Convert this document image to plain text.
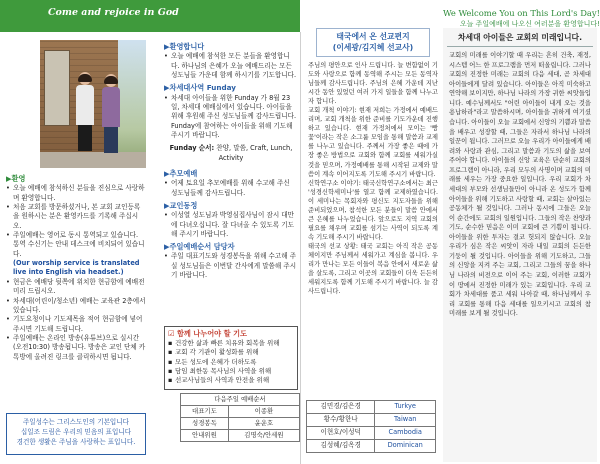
Come and rejoice in God	We Welcome You on This Lord's Day!
오늘 주일예배에 나오신 여러분을 환영합니다!
▶환영
• 오늘 예배에 참석하신 분들을 진심으로 사랑하며 환영합니다.
• 처음 교회를 방문하셨거나, 본 교회 교인등록을 원하시는 분은 환영카드를 기록해 주십시오.
• 주일예배는 영어로 동시 통역되고 있습니다. 통역 수신기는 안내 데스크에 비치되어 있습니다.
(Our worship service is translated live into English via headset.)
• 현금은 예배당 뒷쪽에 위치한 현금함에 예배전 미리 드립시오.
• 차세대(어린이/청소년) 예배는 교육관 2층에서 있습니다.
• 기도요청이나 기도제목을 적어 현금함에 넣어 주시면 기도해 드립니다.
• 주일예배는 온라인 방송(유튜브)으로 실시간 (오전10:30) 방송됩니다. 방송은 교인 단체 카톡방에 올려진 링크를 클릭하시면 됩니다.
주일성수는 그리스도인의 기본입니다
십일조 드림은 우리의 믿음의 표입니다
경건한 생활은 주님을 사랑하는 표입니다.
▶환영합니다
• 오늘 예배에 참석한 모든 분들을 환영합니다. 하나님의 은혜가 오늘 예배드리는 모든 성도님들 가운데 함께 하시기를 기도합니다.
▶차세대사역 Funday
• 차세대 아이들을 위한 Funday 가 8월 23일, 차세대 예배실에서 있습니다. 아이들을 위해 후원해 주신 성도님들께 감사드립니다. Funday에 참여하는 아이들을 위해 기도해 주시기 바랍니다.
Funday 순서: 찬양, 말씀, Craft, Lunch, Activity
▶추모예배
• 어제 토요일 추모예배를 위해 수고해 주신 성도님들께 감사드립니다.
▶교인동정
• 이성열 성도님과 박영심집사님이 잠시 대만에 다녀오십니다. 잘 다녀올 수 있도록 기도해 주시기 바랍니다.
▶주일예배순서 담당자
• 주일 대표기도와 성경봉독을 위해 수고해 주실 성도님들은 이번달 간사에게 말씀해 주시기 바랍니다.
☑ 함께 나누어야 할 기도
▪ 건강한 삶과 빠른 치유와 회복을 위해
▪ 교회 각 기관이 활성화를 위해
▪ 모든 성도에 은혜가 더하도록
▪ 담임 최한동 목사님의 사역을 위해
▪ 선교사님들의 사역과 안전을 위해
다음주일 예배순서	
대표기도	이종환
성경봉독	윤운호
안내위원	김명숙/안세원
태국에서 온 선교편지
(이세광/김지혜 선교사)

주님의 평안으로 인사 드립니다. 늘 변함없이 기도와 사랑으로 함께 동역해 주시는 모든 동역자님들께 감사드립니다. 주님의 은혜 가운데 지난 시간 동안 있었던 여러 가지 일들을 함께 나누고자 합니다.

교회 개척 이야기: 현재 저희는 가정에서 예배드리며, 교회 개척을 위한 준비를 기도가운데 진행하고 있습니다. 현재 가정처에서 모이는 '빵꽃'이라는 작은 소그룹 모임을 통해 말씀과 교제를 나누고 있습니다. 주께서 가장 좋은 때에 가장 좋은 방법으로 교회와 함께 교회를 세워가실 것을 믿으며, 가정예배를 통해 시작된 교제와 말씀이 계속 이어지도록 기도해 주시기 바랍니다.

신학연구소 이야기: 태국신학연구소에서는 최근 '성경신학세미나'를 열고 함께 교제하였습니다. 이 세미나는 목회자와 평신도 지도자들을 위해 준비되었으며, 참석한 모든 분들이 말씀 안에서 큰 은혜를 나누었습니다. 앞으로도 지역 교회의 필요를 채우며 교회를 섬기는 사역이 되도록 계속 기도해 주시기 바랍니다.

태국의 선교 상황: 태국 교회는 아직 작은 공동체이지만 주님께서 세워가고 계심을 봅니다. 우리가 만나는 모든 이들이 복음 안에서 새로운 삶을 살도록, 그리고 이곳의 교회들이 더욱 든든히 세워지도록 함께 기도해 주시기 바랍니다. 늘 감사드립니다.

김민경/김은경	Turkye
황수/황한나	Taiwan
이현호/이성덕	Cambodia
김성혜/김옥경	Dominican
차세대 아이들은 교회의 미래입니다.

교회의 미래를 이야기할 때 우리는 흔히 건축, 재정, 시스템 어느 한 프로그램을 먼저 떠올립니다. 그러나 교회의 진정한 미래는 교회의 다음 세대, 곧 차세대 아이들에게 달려 있습니다. 아이들은 아직 미숙하고 연약해 보이지만, 하나님 나라의 가장 귀한 씨앗들입니다. 예수님께서도 "어린 아이들이 내게 오는 것을 용납하라"라고 말씀하시며, 아이들을 귀하게 여기셨습니다. 아이들이 오늘 교회에서 신앙의 기쁨과 말씀을 배우고 성장할 때, 그들은 자라서 하나님 나라의 일꾼이 됩니다. 그러므로 오늘 우리가 아이들에게 배려와 사랑과 관심, 그리고 말씀과 기도의 삶을 보여주어야 합니다. 아이들의 신앙 교육은 단순히 교회의 프로그램이 아니라, 우리 모두의 사명이며 교회의 미래를 세우는 가장 중요한 일입니다. 우리 교회가 차세대의 부모와 선생님들만이 아니라 온 성도가 함께 아이들을 위해 기도하고 사랑할 때, 교회는 살아있는 공동체가 될 것입니다. 그러나 동시에 그들은 오늘 이 순간에도 교회의 일원입니다. 그들의 작은 찬양과 기도, 순수한 믿음은 이미 교회에 큰 기쁨이 됩니다. 아이들을 위한 투자는 결코 헛되지 않습니다. 오늘 우리가 심은 작은 씨앗이 자라 내일 교회의 든든한 기둥이 될 것입니다. 아이들을 위해 기도하고, 그들의 신앙을 지켜 주는 교회, 그리고 그들의 꿈을 하나님 나라의 비전으로 이어 주는 교회, 이러한 교회가 이 땅에서 진정한 미래가 있는 교회입니다. 우리 교회가 차세대를 품고 세워 나아갈 때, 하나님께서 우리 교회를 통해 다음 세대를 일으키시고 교회의 참 미래를 보게 될 것입니다.
